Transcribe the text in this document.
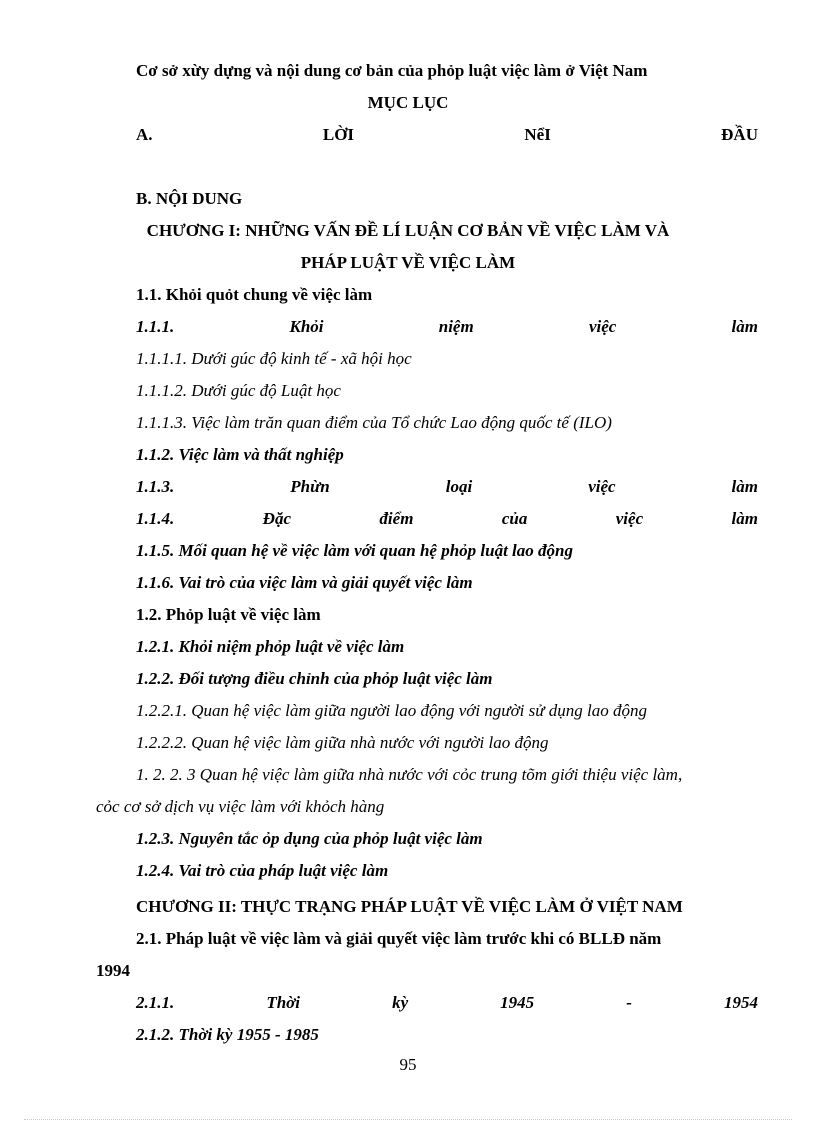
Cơ sở xừy dựng và nội dung cơ bản của phỏp luật việc làm ở Việt Nam
MỤC LỤC
A.	LỜI	NểI	ĐẦU
B. NỘI DUNG
CHƯƠNG I: NHỮNG VẤN ĐỀ LÍ LUẬN CƠ BẢN VỀ VIỆC LÀM VÀ
PHÁP LUẬT VỀ VIỆC LÀM
1.1. Khỏi quỏt chung về việc làm
1.1.1.	Khỏi	niệm	việc	làm
1.1.1.1. Dưới gúc độ kinh tế - xã hội học
1.1.1.2. Dưới gúc độ Luật học
1.1.1.3. Việc làm trăn quan điểm của Tổ chức Lao động quốc tế (ILO)
1.1.2. Việc làm và thất nghiệp
1.1.3.	Phừn	loại	việc	làm
1.1.4.	Đặc	điểm	của	việc	làm
1.1.5. Mối quan hệ về việc làm với quan hệ phỏp luật lao động
1.1.6. Vai trò của việc làm và giải quyết việc làm
1.2. Phỏp luật về việc làm
1.2.1. Khỏi niệm phỏp luật về việc làm
1.2.2. Đối tượng điều chỉnh của phỏp luật việc làm
1.2.2.1. Quan hệ việc làm giữa người lao động với người sử dụng lao động
1.2.2.2. Quan hệ việc làm giữa nhà nước với người lao động
1. 2. 2. 3 Quan hệ việc làm giữa nhà nước với cỏc trung tõm giới thiệu việc làm,
cỏc cơ sở dịch vụ việc làm với khỏch hàng
1.2.3. Nguyên tắc ỏp dụng của phỏp luật việc làm
1.2.4. Vai trò của pháp luật việc làm
CHƯƠNG II: THỰC TRẠNG PHÁP LUẬT VỀ VIỆC LÀM Ở VIỆT NAM
2.1. Pháp luật về việc làm và giải quyết việc làm trước khi có BLLĐ năm
1994
2.1.1.	Thời	kỳ	1945	-	1954
2.1.2. Thời kỳ 1955 - 1985
95
